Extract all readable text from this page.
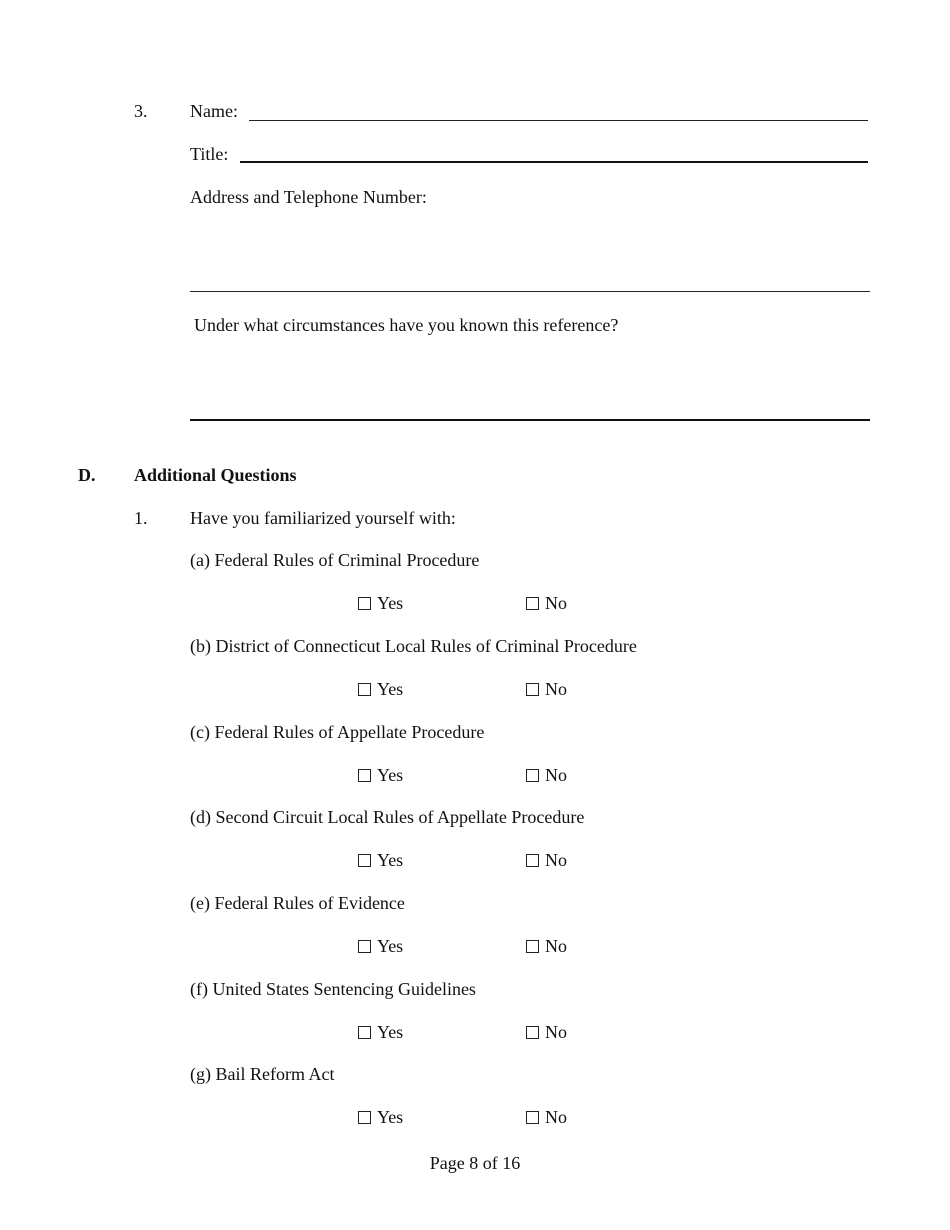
3. Name:
Title:
Address and Telephone Number:
Under what circumstances have you known this reference?
D. Additional Questions
1. Have you familiarized yourself with:
(a) Federal Rules of Criminal Procedure
Yes	No
(b) District of Connecticut Local Rules of Criminal Procedure
Yes	No
(c) Federal Rules of Appellate Procedure
Yes	No
(d) Second Circuit Local Rules of Appellate Procedure
Yes	No
(e) Federal Rules of Evidence
Yes	No
(f) United States Sentencing Guidelines
Yes	No
(g) Bail Reform Act
Yes	No
Page 8 of 16
